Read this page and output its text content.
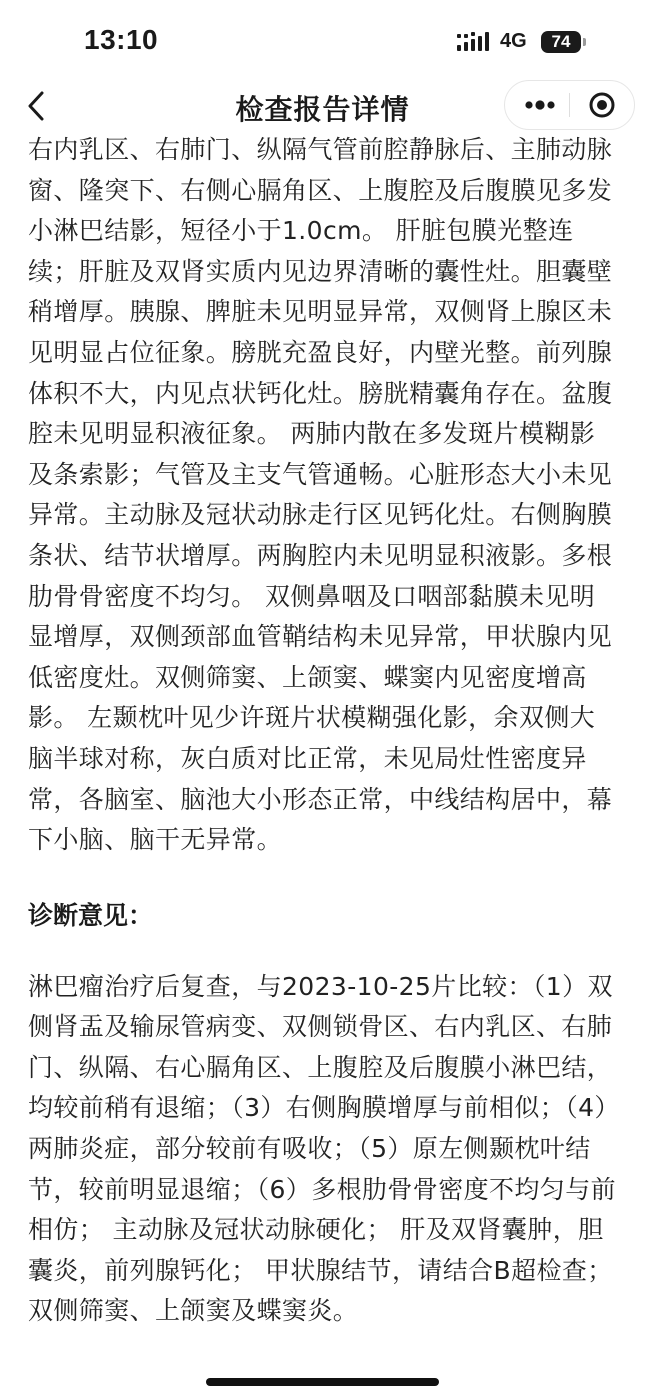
13:10	4G	74
检查报告详情

右内乳区、右肺门、纵隔气管前腔静脉后、主肺动脉窗、隆突下、右侧心膈角区、上腹腔及后腹膜见多发小淋巴结影，短径小于1.0cm。 肝脏包膜光整连续；肝脏及双肾实质内见边界清晰的囊性灶。胆囊壁稍增厚。胰腺、脾脏未见明显异常，双侧肾上腺区未见明显占位征象。膀胱充盈良好，内壁光整。前列腺体积不大，内见点状钙化灶。膀胱精囊角存在。盆腹腔未见明显积液征象。 两肺内散在多发斑片模糊影及条索影；气管及主支气管通畅。心脏形态大小未见异常。主动脉及冠状动脉走行区见钙化灶。右侧胸膜条状、结节状增厚。两胸腔内未见明显积液影。多根肋骨骨密度不均匀。 双侧鼻咽及口咽部黏膜未见明显增厚，双侧颈部血管鞘结构未见异常，甲状腺内见低密度灶。双侧筛窦、上颌窦、蝶窦内见密度增高影。 左颞枕叶见少许斑片状模糊强化影，余双侧大脑半球对称，灰白质对比正常，未见局灶性密度异常，各脑室、脑池大小形态正常，中线结构居中，幕下小脑、脑干无异常。

诊断意见：

淋巴瘤治疗后复查，与2023-10-25片比较：（1）双侧肾盂及输尿管病变、双侧锁骨区、右内乳区、右肺门、纵隔、右心膈角区、上腹腔及后腹膜小淋巴结，均较前稍有退缩；（3）右侧胸膜增厚与前相似；（4）两肺炎症，部分较前有吸收；（5）原左侧颞枕叶结节，较前明显退缩；（6）多根肋骨骨密度不均匀与前相仿； 主动脉及冠状动脉硬化； 肝及双肾囊肿，胆囊炎，前列腺钙化； 甲状腺结节，请结合B超检查；双侧筛窦、上颌窦及蝶窦炎。
